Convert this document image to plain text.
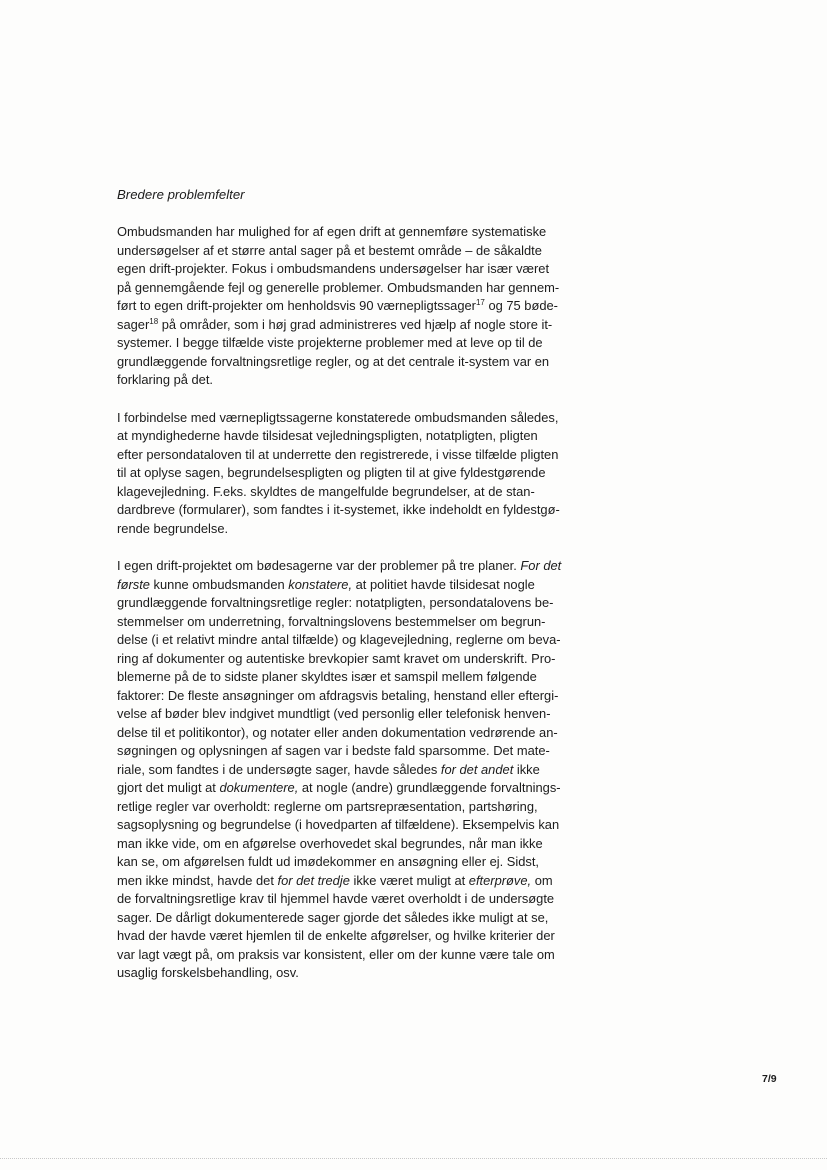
Bredere problemfelter
Ombudsmanden har mulighed for af egen drift at gennemføre systematiske
undersøgelser af et større antal sager på et bestemt område – de såkaldte
egen drift-projekter. Fokus i ombudsmandens undersøgelser har især været
på gennemgående fejl og generelle problemer. Ombudsmanden har gennem-
ført to egen drift-projekter om henholdsvis 90 værnepligtssager$^{17}$ og 75 bøde-
sager$^{18}$ på områder, som i høj grad administreres ved hjælp af nogle store it-
systemer. I begge tilfælde viste projekterne problemer med at leve op til de
grundlæggende forvaltningsretlige regler, og at det centrale it-system var en
forklaring på det.
I forbindelse med værnepligtssagerne konstaterede ombudsmanden således,
at myndighederne havde tilsidesat vejledningspligten, notatpligten, pligten
efter persondataloven til at underrette den registrerede, i visse tilfælde pligten
til at oplyse sagen, begrundelsespligten og pligten til at give fyldestgørende
klagevejledning. F.eks. skyldtes de mangelfulde begrundelser, at de stan-
dardbreve (formularer), som fandtes i it-systemet, ikke indeholdt en fyldestgø-
rende begrundelse.
I egen drift-projektet om bødesagerne var der problemer på tre planer. For det
første kunne ombudsmanden konstatere, at politiet havde tilsidesat nogle
grundlæggende forvaltningsretlige regler: notatpligten, persondatalovens be-
stemmelser om underretning, forvaltningslovens bestemmelser om begrun-
delse (i et relativt mindre antal tilfælde) og klagevejledning, reglerne om beva-
ring af dokumenter og autentiske brevkopier samt kravet om underskrift. Pro-
blemerne på de to sidste planer skyldtes især et samspil mellem følgende
faktorer: De fleste ansøgninger om afdragsvis betaling, henstand eller eftergi-
velse af bøder blev indgivet mundtligt (ved personlig eller telefonisk henven-
delse til et politikontor), og notater eller anden dokumentation vedrørende an-
søgningen og oplysningen af sagen var i bedste fald sparsomme. Det mate-
riale, som fandtes i de undersøgte sager, havde således for det andet ikke
gjort det muligt at dokumentere, at nogle (andre) grundlæggende forvaltnings-
retlige regler var overholdt: reglerne om partsrepræsentation, partshøring,
sagsoplysning og begrundelse (i hovedparten af tilfældene). Eksempelvis kan
man ikke vide, om en afgørelse overhovedet skal begrundes, når man ikke
kan se, om afgørelsen fuldt ud imødekommer en ansøgning eller ej. Sidst,
men ikke mindst, havde det for det tredje ikke været muligt at efterprøve, om
de forvaltningsretlige krav til hjemmel havde været overholdt i de undersøgte
sager. De dårligt dokumenterede sager gjorde det således ikke muligt at se,
hvad der havde været hjemlen til de enkelte afgørelser, og hvilke kriterier der
var lagt vægt på, om praksis var konsistent, eller om der kunne være tale om
usaglig forskelsbehandling, osv.
7/9
